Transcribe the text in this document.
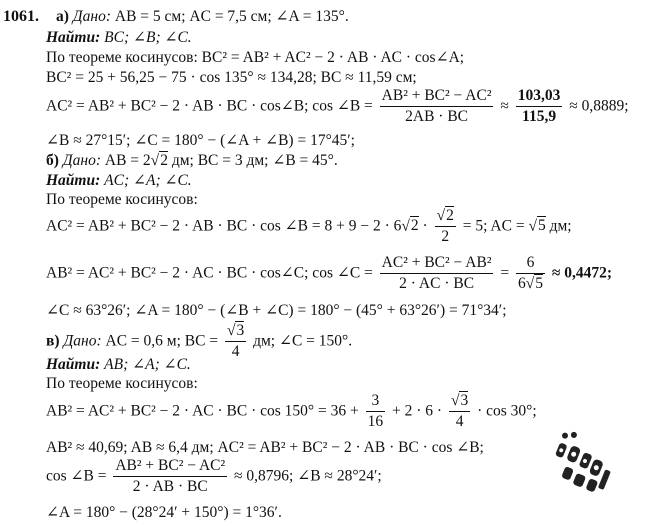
1061. а) Дано: AB = 5 см; AC = 7,5 см; ∠A = 135°.
Найти: BC; ∠B; ∠C.
По теореме косинусов: BC² = AB² + AC² − 2 · AB · AC · cos∠A;
BC² = 25 + 56,25 − 75 · cos 135° ≈ 134,28; BC ≈ 11,59 см;
AC² = AB² + BC² − 2 · AB · BC · cos∠B; cos ∠B = $\frac{\text{AB² + BC² − AC²}}{2AB \cdot BC} \approx \frac{103,03}{115,9} \approx 0,8889$;
∠B ≈ 27°15′; ∠C = 180° − (∠A + ∠B) = 17°45′;
б) Дано: AB = 2√2 дм; BC = 3 дм; ∠B = 45°.
Найти: AC; ∠A; ∠C.
По теореме косинусов:
AC² = AB² + BC² − 2 · AB · BC · cos ∠B = $8 + 9 - 2 \cdot 6√2 \cdot \frac{√2}{2} = 5$; AC = √5 дм;
AB² = AC² + BC² − 2 · AC · BC · cos∠C; cos ∠C = $\frac{\text{AC² + BC² − AB²}}{2 \cdot AC \cdot BC} = \frac{6}{6√5} \approx 0,4472$;
∠C ≈ 63°26′; ∠A = 180° − (∠B + ∠C) = 180° − (45° + 63°26′) = 71°34′;
в) Дано: AC = 0,6 м; BC = $\frac{√3}{4}$ дм; ∠C = 150°.
Найти: AB; ∠A; ∠C.
По теореме косинусов:
AB² = AC² + BC² − 2 · AC · BC · $\cos 150^\circ = 36 + \frac{3}{16} + 2 \cdot 6 \cdot \frac{√3}{4} \cdot \cos 30^\circ$;
AB² ≈ 40,69; AB ≈ 6,4 дм; AC² = AB² + BC² − 2 · AB · BC · cos ∠B;
cos ∠B = $\frac{\text{AB² + BC² − AC²}}{2 \cdot AB \cdot BC} \approx 0,8796$; ∠B ≈ 28°24′;
∠A = 180° − (28°24′ + 150°) = 1°36′.
